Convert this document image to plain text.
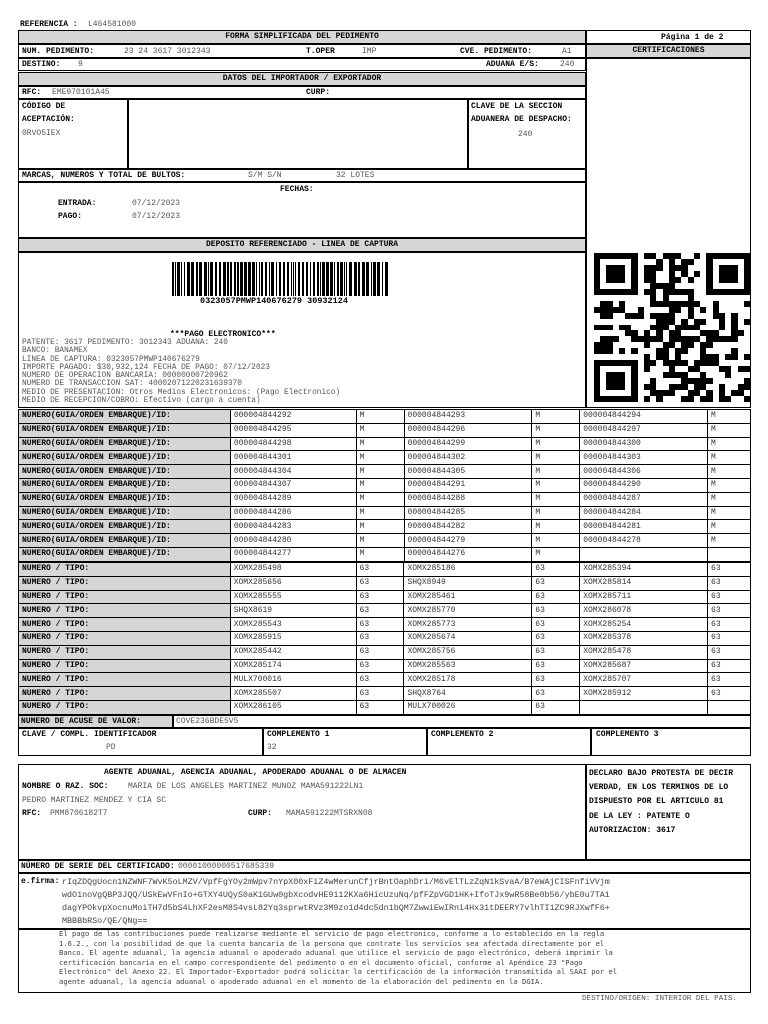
REFERENCIA : L464581000
FORMA SIMPLIFICADA DEL PEDIMENTO	Página 1 de 2
NUM. PEDIMENTO:	23 24 3617 3012343	T.OPER	IMP	CVE. PEDIMENTO:	A1	CERTIFICACIONES
DESTINO: 9	ADUANA E/S:	240
DATOS DEL IMPORTADOR / EXPORTADOR
RFC: EME970101A45	CURP:
CÓDIGO DE
ACEPTACIÓN:
0RVO5IEX
CLAVE DE LA SECCION
ADUANERA DE DESPACHO:
240
MARCAS, NUMEROS Y TOTAL DE BULTOS:	S/M S/N	32 LOTES
FECHAS:
ENTRADA:	07/12/2023
PAGO:	07/12/2023
DEPOSITO REFERENCIADO - LINEA DE CAPTURA
0323057PMWP140676279 30932124
***PAGO ELECTRONICO***
PATENTE: 3617 PEDIMENTO: 3012343 ADUANA: 240
BANCO: BANAMEX
LINEA DE CAPTURA: 0323057PMWP140676279
IMPORTE PAGADO: $30,932,124 FECHA DE PAGO: 07/12/2023
NUMERO DE OPERACION BANCARIA: 00000000720962
NUMERO DE TRANSACCION SAT: 40002071220231639370
MEDIO DE PRESENTACION: Otros Medios Electronicos: (Pago Electronico)
MEDIO DE RECEPCION/COBRO: Efectivo (cargo a cuenta)
NUMERO(GUIA/ORDEN EMBARQUE)/ID:	000004844292	M	000004844293	M	000004844294	M
NUMERO(GUIA/ORDEN EMBARQUE)/ID:	000004844295	M	000004844296	M	000004844297	M
NUMERO(GUIA/ORDEN EMBARQUE)/ID:	000004844298	M	000004844299	M	000004844300	M
NUMERO(GUIA/ORDEN EMBARQUE)/ID:	000004844301	M	000004844302	M	000004844303	M
NUMERO(GUIA/ORDEN EMBARQUE)/ID:	000004844304	M	000004844305	M	000004844306	M
NUMERO(GUIA/ORDEN EMBARQUE)/ID:	000004844307	M	000004844291	M	000004844290	M
NUMERO(GUIA/ORDEN EMBARQUE)/ID:	000004844289	M	000004844288	M	000004844287	M
NUMERO(GUIA/ORDEN EMBARQUE)/ID:	000004844286	M	000004844285	M	000004844284	M
NUMERO(GUIA/ORDEN EMBARQUE)/ID:	000004844283	M	000004844282	M	000004844281	M
NUMERO(GUIA/ORDEN EMBARQUE)/ID:	000004844280	M	000004844279	M	000004844278	M
NUMERO(GUIA/ORDEN EMBARQUE)/ID:	000004844277	M	000004844276	M		
NUMERO / TIPO:	XOMX285498	63	XOMX285186	63	XOMX285394	63
NUMERO / TIPO:	XOMX285656	63	SHQX8949	63	XOMX285814	63
NUMERO / TIPO:	XOMX285555	63	XOMX285461	63	XOMX285711	63
NUMERO / TIPO:	SHQX8619	63	XOMX285770	63	XOMX286078	63
NUMERO / TIPO:	XOMX285543	63	XOMX285773	63	XOMX285254	63
NUMERO / TIPO:	XOMX285915	63	XOMX285674	63	XOMX285378	63
NUMERO / TIPO:	XOMX285442	63	XOMX285756	63	XOMX285478	63
NUMERO / TIPO:	XOMX285174	63	XOMX285563	63	XOMX285687	63
NUMERO / TIPO:	MULX700016	63	XOMX285178	63	XOMX285707	63
NUMERO / TIPO:	XOMX285507	63	SHQX8764	63	XOMX285912	63
NUMERO / TIPO:	XOMX286105	63	MULX700026	63		
NUMERO DE ACUSE DE VALOR:	COVE236BDE5V5
CLAVE / COMPL. IDENTIFICADOR
PD
COMPLEMENTO 1
32
COMPLEMENTO 2	COMPLEMENTO 3
AGENTE ADUANAL, AGENCIA ADUANAL, APODERADO ADUANAL O DE ALMACEN
NOMBRE O RAZ. SOC: MARIA DE LOS ANGELES MARTINEZ MUNOZ MAMA591222LN1
PEDRO MARTINEZ MENDEZ Y CIA SC
RFC: PMM8706182T7	CURP: MAMA591222MTSRXN08
DECLARO BAJO PROTESTA DE DECIR
VERDAD, EN LOS TERMINOS DE LO
DISPUESTO POR EL ARTICULO 81
DE LA LEY : PATENTE O
AUTORIZACION: 3617
NÚMERO DE SERIE DEL CERTIFICADO: 00001000000517685339
e.firma: rIqZDQgUocn1NZWNF7WvK5oLMZV/VpfFgYOy2mWpv7nYpX00xFiZ4wMerunCfjrBntOaphDri/M6vElTLzZqN1kSvaA/B7eWAjCISFnfiVVjm
wdO1noVgQBP3JQQ/USkEwVFnIo+GTXY4UQyS0aK1GUw0gbXcodvHE9112KXa6HicUzuNq/pfFZpVGD1HK+IfoTJx9wR58Be0b56/ybE0u7TA1
dagYPOkvpXocnuMoiTH7d5bS4LhXF2esM8S4vsL82Yq3sprwtRVz3M9zo1d4dc5dn1bQM7ZwwiEwIRni4Hx31tDEERY7vlhTI1ZC9RJXwfF6+
MBBBbRSo/QE/QNg==
El pago de las contribuciones puede realizarse mediante el servicio de pago electronico, conforme a lo establecido en la regla
1.6.2., con la posibilidad de que la cuenta bancaria de la persona que contrate los servicios sea afectada directamente por el
Banco. El agente aduanal, la agencia aduanal o apoderado aduanal que utilice el servicio de pago electrónico, deberá imprimir la
certificación bancaria en el campo correspondiente del pedimento o en el documento oficial, conforme al Apéndice 23 "Pago
Electrónico" del Anexo 22. El Importador-Exportador podrá solicitar la certificación de la información transmitida al SAAI por el
agente aduanal, la agencia aduanal o apoderado aduanal en el momento de la elaboración del pedimento en la DGIA.
DESTINO/ORIGEN: INTERIOR DEL PAIS.
